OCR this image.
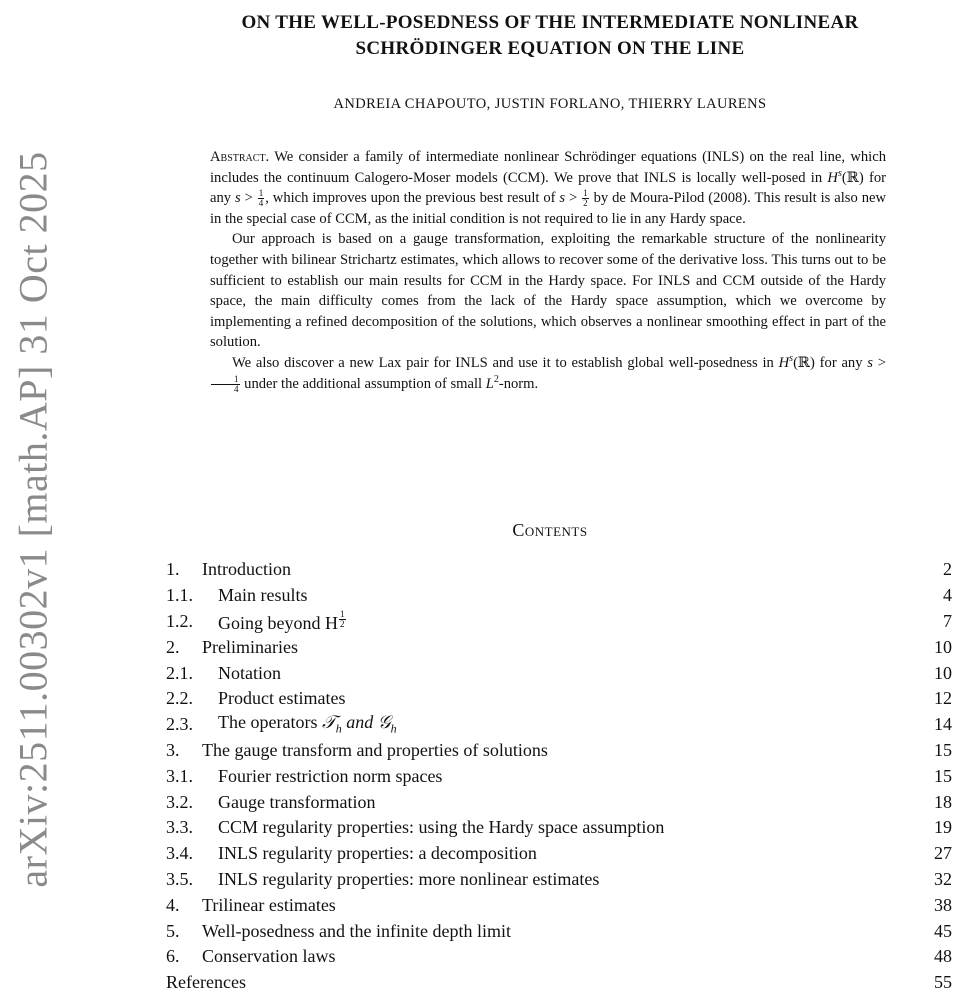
arXiv:2511.00302v1 [math.AP] 31 Oct 2025
ON THE WELL-POSEDNESS OF THE INTERMEDIATE NONLINEAR
SCHRÖDINGER EQUATION ON THE LINE
ANDREIA CHAPOUTO, JUSTIN FORLANO, THIERRY LAURENS

Abstract. We consider a family of intermediate nonlinear Schrödinger equations (INLS) on the real line, which includes the continuum Calogero-Moser models (CCM). We prove that INLS is locally well-posed in $H^s(ℝ)$ for any $s > \frac{1}{4}$ , which improves upon the previous best result of $s > \frac{1}{2}$ by de Moura-Pilod (2008). This result is also new in the special case of CCM, as the initial condition is not required to lie in any Hardy space.

Our approach is based on a gauge transformation, exploiting the remarkable structure of the nonlinearity together with bilinear Strichartz estimates, which allows to recover some of the derivative loss. This turns out to be sufficient to establish our main results for CCM in the Hardy space. For INLS and CCM outside of the Hardy space, the main difficulty comes from the lack of the Hardy space assumption, which we overcome by implementing a refined decomposition of the solutions, which observes a nonlinear smoothing effect in part of the solution.

We also discover a new Lax pair for INLS and use it to establish global well-posedness in $H^s(ℝ)$ for any s >
$\frac{1}{4}$ under the additional assumption of small $L^2$-norm.

Contents
1.	Introduction	2
1.1.	Main results	4
1.2.	Going beyond H $^{\frac{1}{2}}$	7
2.	Preliminaries	10
2.1.	Notation	10
2.2.	Product estimates	12
2.3.	The operators 𝒯$_h$ and 𝒢$_h$	14
3.	The gauge transform and properties of solutions	15
3.1.	Fourier restriction norm spaces	15
3.2.	Gauge transformation	18
3.3.	CCM regularity properties: using the Hardy space assumption	19
3.4.	INLS regularity properties: a decomposition	27
3.5.	INLS regularity properties: more nonlinear estimates	32
4.	Trilinear estimates	38
5.	Well-posedness and the infinite depth limit	45
6.	Conservation laws	48
References	55
